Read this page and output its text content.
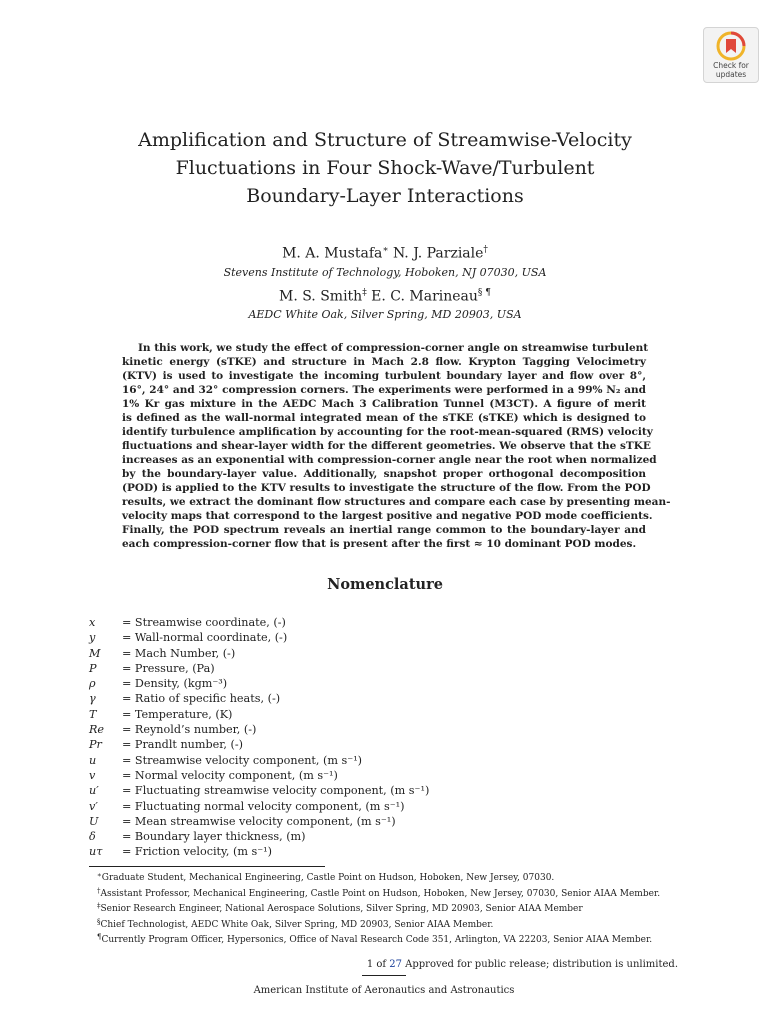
Check for
updates
Amplification and Structure of Streamwise-Velocity
Fluctuations in Four Shock-Wave/Turbulent
Boundary-Layer Interactions
M. A. Mustafa∗ N. J. Parziale†
Stevens Institute of Technology, Hoboken, NJ 07030, USA
M. S. Smith‡ E. C. Marineau§ ¶
AEDC White Oak, Silver Spring, MD 20903, USA
In this work, we study the effect of compression-corner angle on streamwise turbulent
kinetic energy (sTKE) and structure in Mach 2.8 flow. Krypton Tagging Velocimetry
(KTV) is used to investigate the incoming turbulent boundary layer and flow over 8°,
16°, 24° and 32° compression corners. The experiments were performed in a 99% N₂ and
1% Kr gas mixture in the AEDC Mach 3 Calibration Tunnel (M3CT). A figure of merit
is defined as the wall-normal integrated mean of the sTKE (sTKE) which is designed to
identify turbulence amplification by accounting for the root-mean-squared (RMS) velocity
fluctuations and shear-layer width for the different geometries. We observe that the sTKE
increases as an exponential with compression-corner angle near the root when normalized
by the boundary-layer value. Additionally, snapshot proper orthogonal decomposition
(POD) is applied to the KTV results to investigate the structure of the flow. From the POD
results, we extract the dominant flow structures and compare each case by presenting mean-
velocity maps that correspond to the largest positive and negative POD mode coefficients.
Finally, the POD spectrum reveals an inertial range common to the boundary-layer and
each compression-corner flow that is present after the first ≈ 10 dominant POD modes.
Nomenclature
x	= Streamwise coordinate, (-)
y	= Wall-normal coordinate, (-)
M	= Mach Number, (-)
P	= Pressure, (Pa)
ρ	= Density, (kgm⁻³)
γ	= Ratio of specific heats, (-)
T	= Temperature, (K)
Re	= Reynold’s number, (-)
Pr	= Prandlt number, (-)
u	= Streamwise velocity component, (m s⁻¹)
v	= Normal velocity component, (m s⁻¹)
u′	= Fluctuating streamwise velocity component, (m s⁻¹)
v′	= Fluctuating normal velocity component, (m s⁻¹)
U	= Mean streamwise velocity component, (m s⁻¹)
δ	= Boundary layer thickness, (m)
uτ	= Friction velocity, (m s⁻¹)
∗Graduate Student, Mechanical Engineering, Castle Point on Hudson, Hoboken, New Jersey, 07030.
†Assistant Professor, Mechanical Engineering, Castle Point on Hudson, Hoboken, New Jersey, 07030, Senior AIAA Member.
‡Senior Research Engineer, National Aerospace Solutions, Silver Spring, MD 20903, Senior AIAA Member
§Chief Technologist, AEDC White Oak, Silver Spring, MD 20903, Senior AIAA Member.
¶Currently Program Officer, Hypersonics, Office of Naval Research Code 351, Arlington, VA 22203, Senior AIAA Member.
1 of 27 Approved for public release; distribution is unlimited.
American Institute of Aeronautics and Astronautics
